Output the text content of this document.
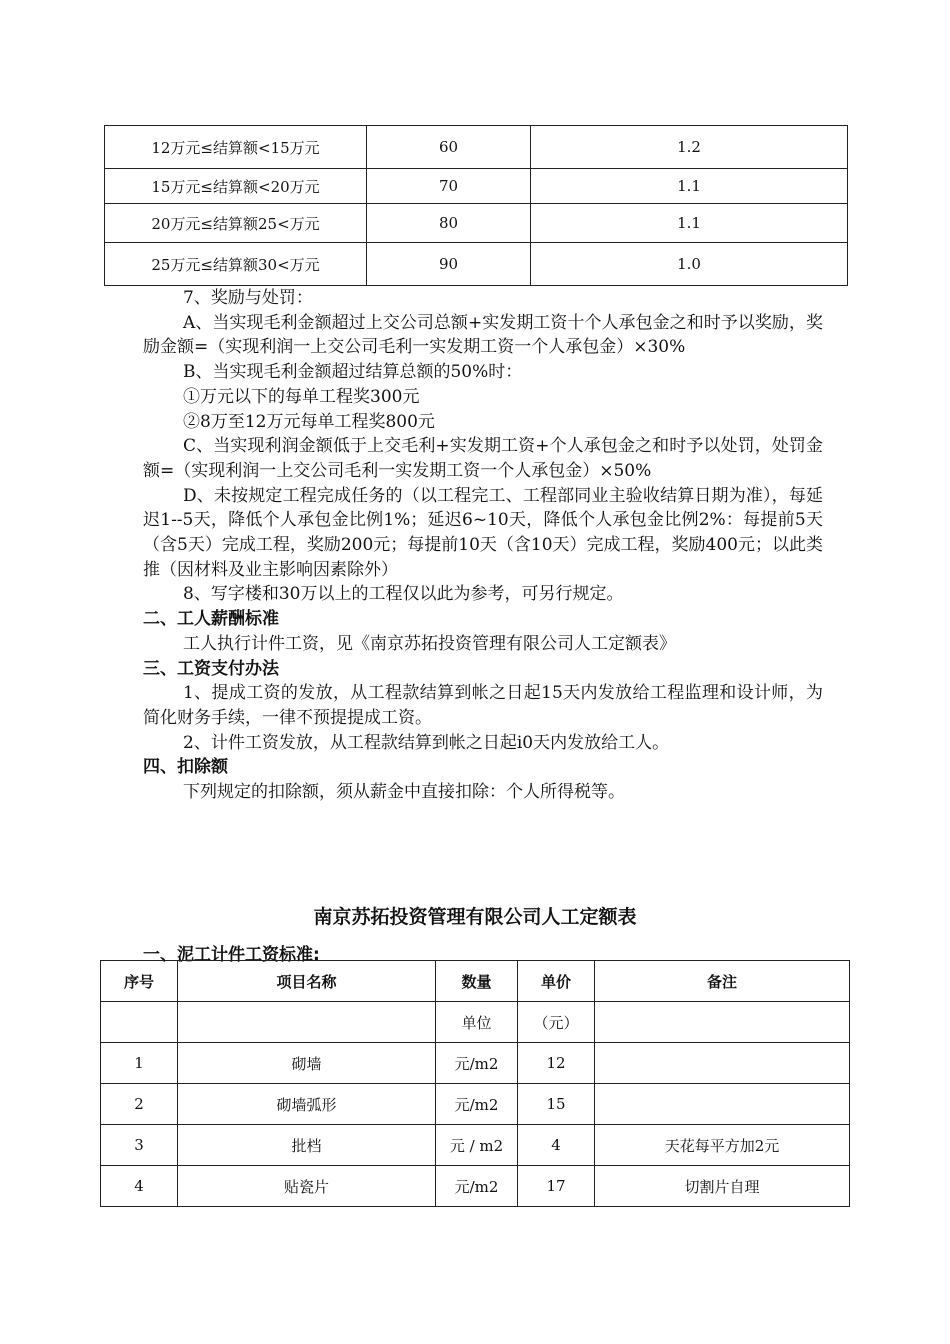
12万元≤结算额<15万元	60	1.2
15万元≤结算额<20万元	70	1.1
20万元≤结算额25<万元	80	1.1
25万元≤结算额30<万元	90	1.0

7、奖励与处罚：

A、当实现毛利金额超过上交公司总额+实发期工资十个人承包金之和时予以奖励，奖励金额=（实现利润一上交公司毛利一实发期工资一个人承包金）×30%

B、当实现毛利金额超过结算总额的50%时：

①万元以下的每单工程奖300元

②8万至12万元每单工程奖800元

C、当实现利润金额低于上交毛利+实发期工资+个人承包金之和时予以处罚，处罚金额=（实现利润一上交公司毛利一实发期工资一个人承包金）×50%

D、未按规定工程完成任务的（以工程完工、工程部同业主验收结算日期为准），每延迟1--5天，降低个人承包金比例1%；延迟6~10天，降低个人承包金比例2%：每提前5天（含5天）完成工程，奖励200元；每提前10天（含10天）完成工程，奖励400元；以此类推（因材料及业主影响因素除外）

8、写字楼和30万以上的工程仅以此为参考，可另行规定。

二、工人薪酬标准

工人执行计件工资，见《南京苏拓投资管理有限公司人工定额表》

三、工资支付办法

1、提成工资的发放，从工程款结算到帐之日起15天内发放给工程监理和设计师，为简化财务手续，一律不预提提成工资。

2、计件工资发放，从工程款结算到帐之日起i0天内发放给工人。

四、扣除额

下列规定的扣除额，须从薪金中直接扣除：个人所得税等。

南京苏拓投资管理有限公司人工定额表

一、泥工计件工资标准:

序号	项目名称	数量	单价	备注
		单位	（元）	
1	砌墙	元/m2	12	
2	砌墙弧形	元/m2	15	
3	批档	元 / m2	4	天花每平方加2元
4	贴瓷片	元/m2	17	切割片自理
